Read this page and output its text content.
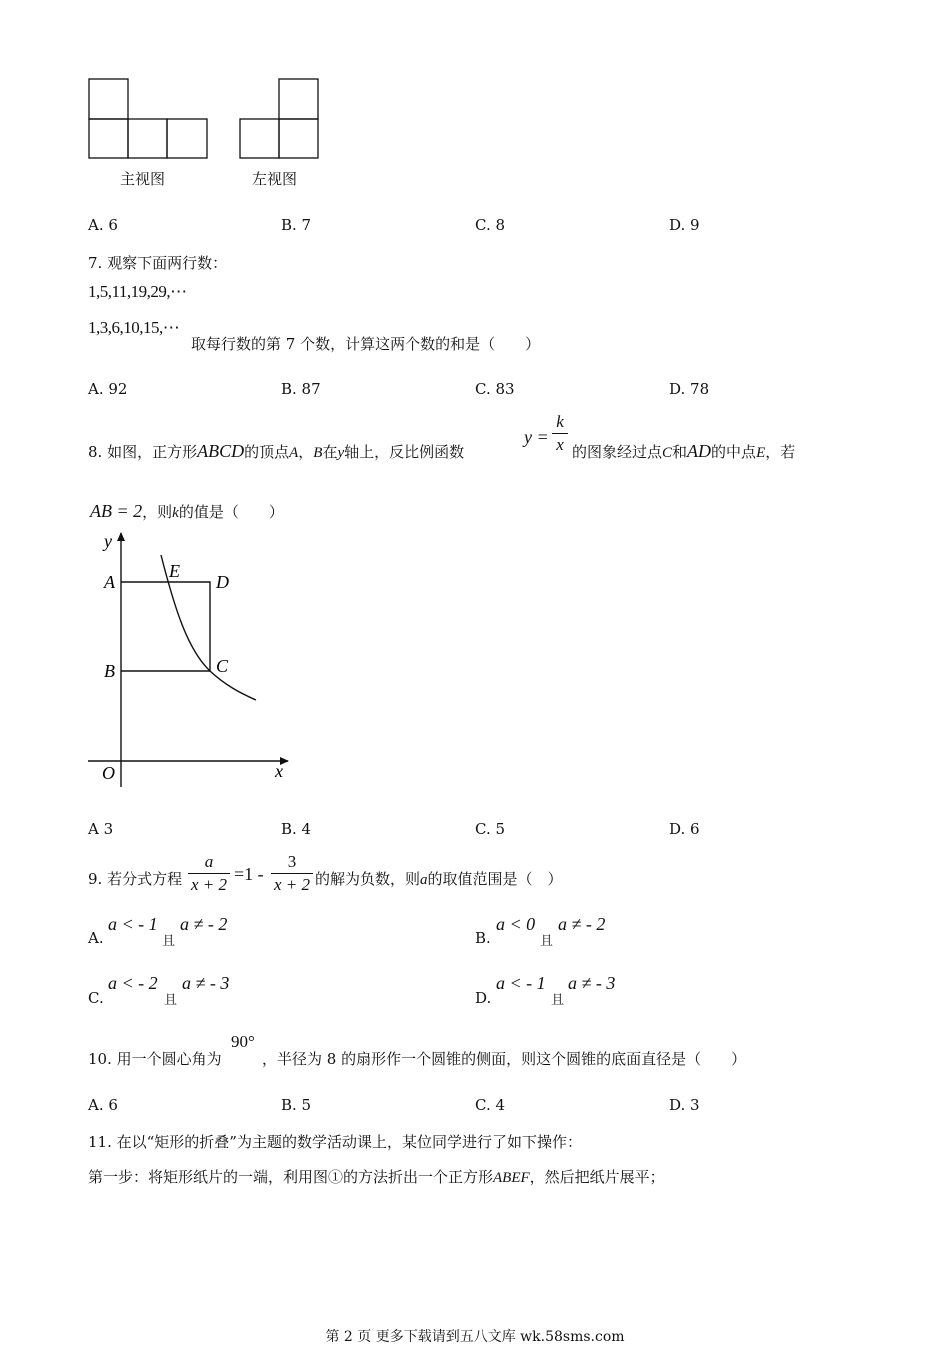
主视图	左视图
A. 6	B. 7	C. 8	D. 9
7. 观察下面两行数：
1,5,11,19,29,⋯
1,3,6,10,15,⋯
取每行数的第 7 个数，计算这两个数的和是（　　）
A. 92	B. 87	C. 83	D. 78
8. 如图，正方形ABCD的顶点A，B在y轴上，反比例函数
y =
k
x 的图象经过点C和AD的中点E，若
AB = 2，则k的值是（　　）
y
A
E
D
B	C
O	x
A 3	B. 4	C. 5	D. 6
9. 若分式方程
a
x + 2
=1 -
3
x + 2 的解为负数，则a的取值范围是（　）
A.
a < - 1
且
a ≠ - 2
B.
a < 0
且
a ≠ - 2
C.
a < - 2
且
a ≠ - 3
D.
a < - 1
且
a ≠ - 3
10. 用一个圆心角为
90°
，半径为 8 的扇形作一个圆锥的侧面，则这个圆锥的底面直径是（　　）
A. 6	B. 5	C. 4	D. 3
11. 在以“矩形的折叠”为主题的数学活动课上，某位同学进行了如下操作：
第一步：将矩形纸片的一端，利用图①的方法折出一个正方形ABEF，然后把纸片展平；
第 2 页 更多下载请到五八文库 wk.58sms.com
